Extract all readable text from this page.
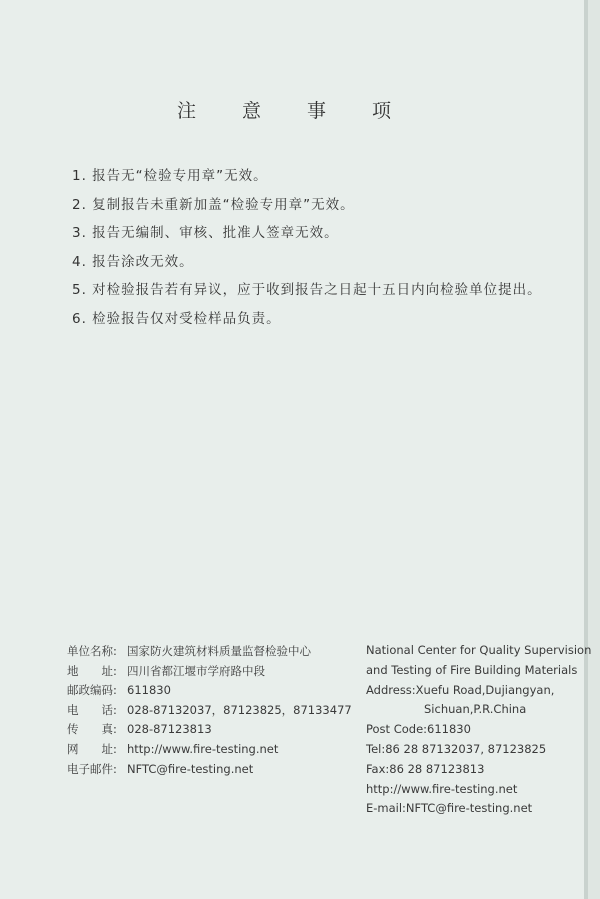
注 意 事 项
1. 报告无“检验专用章”无效。
2. 复制报告未重新加盖“检验专用章”无效。
3. 报告无编制、审核、批准人签章无效。
4. 报告涂改无效。
5. 对检验报告若有异议，应于收到报告之日起十五日内向检验单位提出。
6. 检验报告仅对受检样品负责。
单位名称: 国家防火建筑材料质量监督检验中心
地　　址: 四川省都江堰市学府路中段
邮政编码: 611830
电　　话: 028-87132037，87123825，87133477
传　　真: 028-87123813
网　　址: http://www.fire-testing.net
电子邮件: NFTC@fire-testing.net
National Center for Quality Supervision
and Testing of Fire Building Materials
Address:Xuefu Road,Dujiangyan,
Sichuan,P.R.China
Post Code:611830
Tel:86 28 87132037, 87123825
Fax:86 28 87123813
http://www.fire-testing.net
E-mail:NFTC@fire-testing.net
